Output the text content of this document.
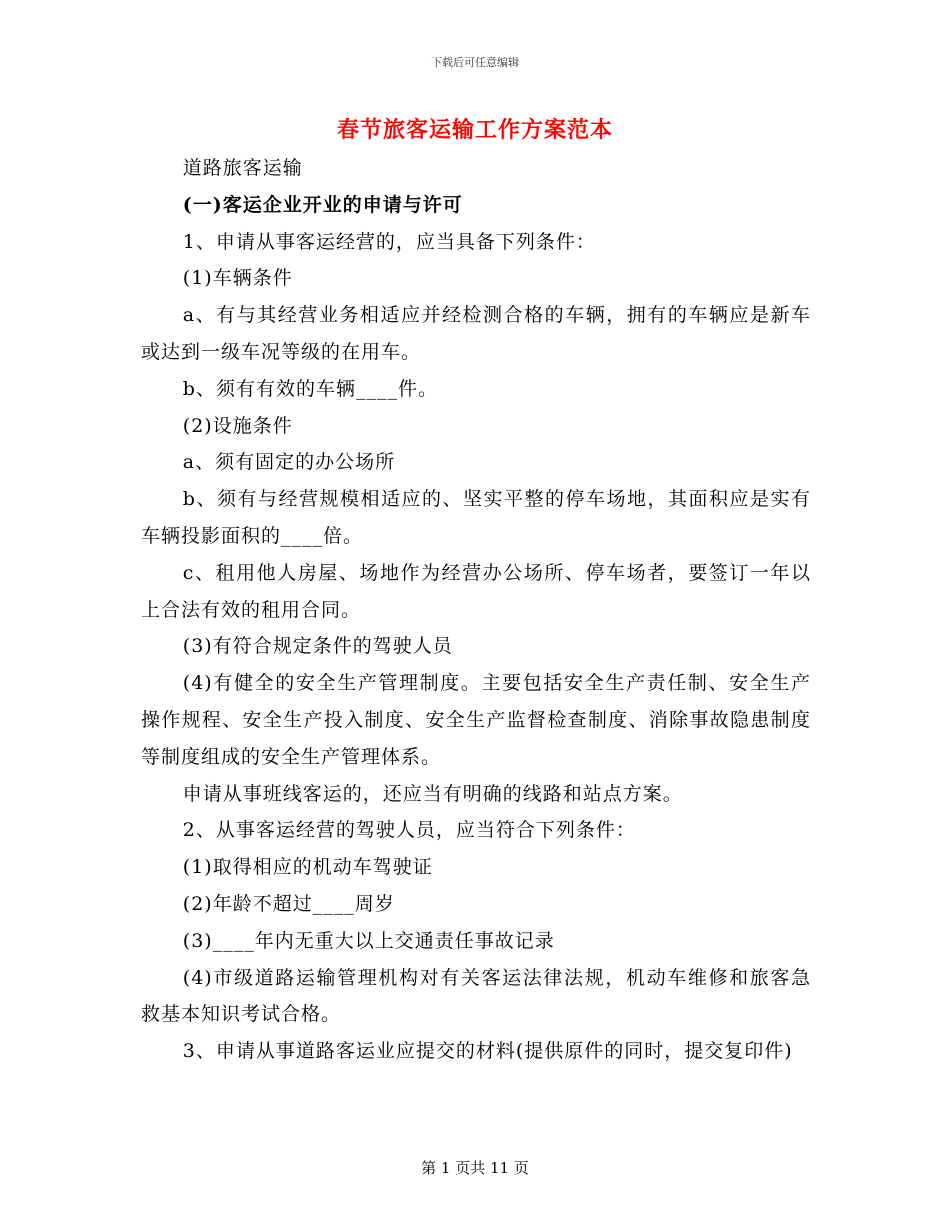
下载后可任意编辑
春节旅客运输工作方案范本

道路旅客运输

(一)客运企业开业的申请与许可

1、申请从事客运经营的，应当具备下列条件：

(1)车辆条件

a、有与其经营业务相适应并经检测合格的车辆，拥有的车辆应是新车或达到一级车况等级的在用车。

b、须有有效的车辆____件。

(2)设施条件

a、须有固定的办公场所

b、须有与经营规模相适应的、坚实平整的停车场地，其面积应是实有车辆投影面积的____倍。

c、租用他人房屋、场地作为经营办公场所、停车场者，要签订一年以上合法有效的租用合同。

(3)有符合规定条件的驾驶人员

(4)有健全的安全生产管理制度。主要包括安全生产责任制、安全生产操作规程、安全生产投入制度、安全生产监督检查制度、消除事故隐患制度等制度组成的安全生产管理体系。

申请从事班线客运的，还应当有明确的线路和站点方案。

2、从事客运经营的驾驶人员，应当符合下列条件：

(1)取得相应的机动车驾驶证

(2)年龄不超过____周岁

(3)____年内无重大以上交通责任事故记录

(4)市级道路运输管理机构对有关客运法律法规，机动车维修和旅客急救基本知识考试合格。

3、申请从事道路客运业应提交的材料(提供原件的同时，提交复印件)

第 1 页共 11 页
